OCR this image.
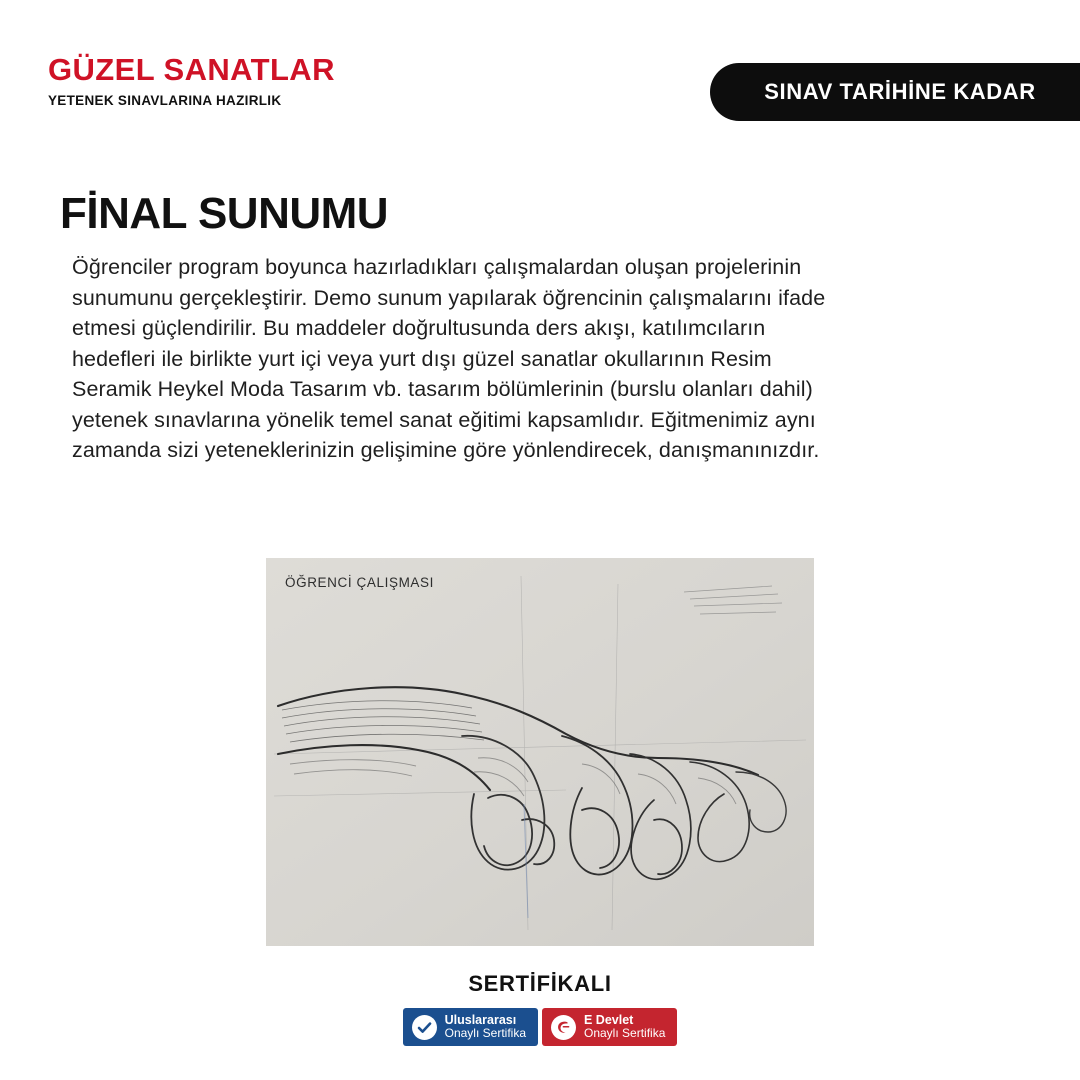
GÜZEL SANATLAR
YETENEK SINAVLARINA HAZIRLIK	SINAV TARİHİNE KADAR
FİNAL SUNUMU

Öğrenciler program boyunca hazırladıkları çalışmalardan oluşan projelerinin sunumunu gerçekleştirir. Demo sunum yapılarak öğrencinin çalışmalarını ifade etmesi güçlendirilir. Bu maddeler doğrultusunda ders akışı, katılımcıların hedefleri ile birlikte yurt içi veya yurt dışı güzel sanatlar okullarının Resim Seramik Heykel Moda Tasarım vb. tasarım bölümlerinin (burslu olanları dahil) yetenek sınavlarına yönelik temel sanat eğitimi kapsamlıdır. Eğitmenimiz aynı zamanda sizi yeteneklerinizin gelişimine göre yönlendirecek, danışmanınızdır.

ÖĞRENCİ ÇALIŞMASI
SERTİFİKALI
Uluslararası
Onaylı Sertifika
E Devlet
Onaylı Sertifika
